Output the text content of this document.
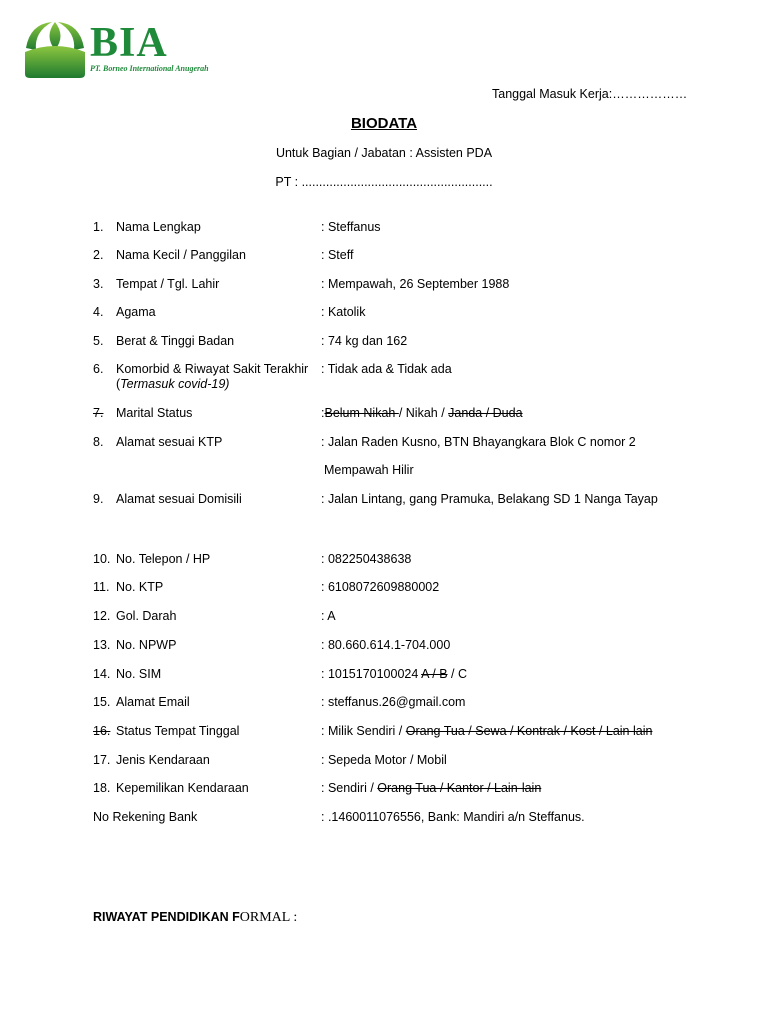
BIA
PT. Borneo International Anugerah
Tanggal Masuk Kerja:………………
BIODATA
Untuk Bagian / Jabatan : Assisten PDA
PT : .......................................................
1. Nama Lengkap	: Steffanus
2. Nama Kecil / Panggilan	: Steff
3. Tempat / Tgl. Lahir	: Mempawah, 26 September 1988
4. Agama	: Katolik
5. Berat & Tinggi Badan	: 74 kg dan 162
6. Komorbid & Riwayat Sakit Terakhir
(Termasuk covid-19)
: Tidak ada & Tidak ada
7. Marital Status	:Belum Nikah / Nikah / Janda / Duda
8. Alamat sesuai KTP	: Jalan Raden Kusno, BTN Bhayangkara Blok C nomor 2
Mempawah Hilir
9. Alamat sesuai Domisili	: Jalan Lintang, gang Pramuka, Belakang SD 1 Nanga Tayap
10. No. Telepon / HP	: 082250438638
11. No. KTP	: 6108072609880002
12. Gol. Darah	: A
13. No. NPWP	: 80.660.614.1-704.000
14. No. SIM	: 1015170100024 A / B / C
15. Alamat Email	: steffanus.26@gmail.com
16. Status Tempat Tinggal	: Milik Sendiri / Orang Tua / Sewa / Kontrak / Kost / Lain lain
17. Jenis Kendaraan	: Sepeda Motor / Mobil
18. Kepemilikan Kendaraan	: Sendiri / Orang Tua / Kantor / Lain-lain
No Rekening Bank	: .1460011076556, Bank: Mandiri a/n Steffanus.
RIWAYAT PENDIDIKAN FORMAL :
